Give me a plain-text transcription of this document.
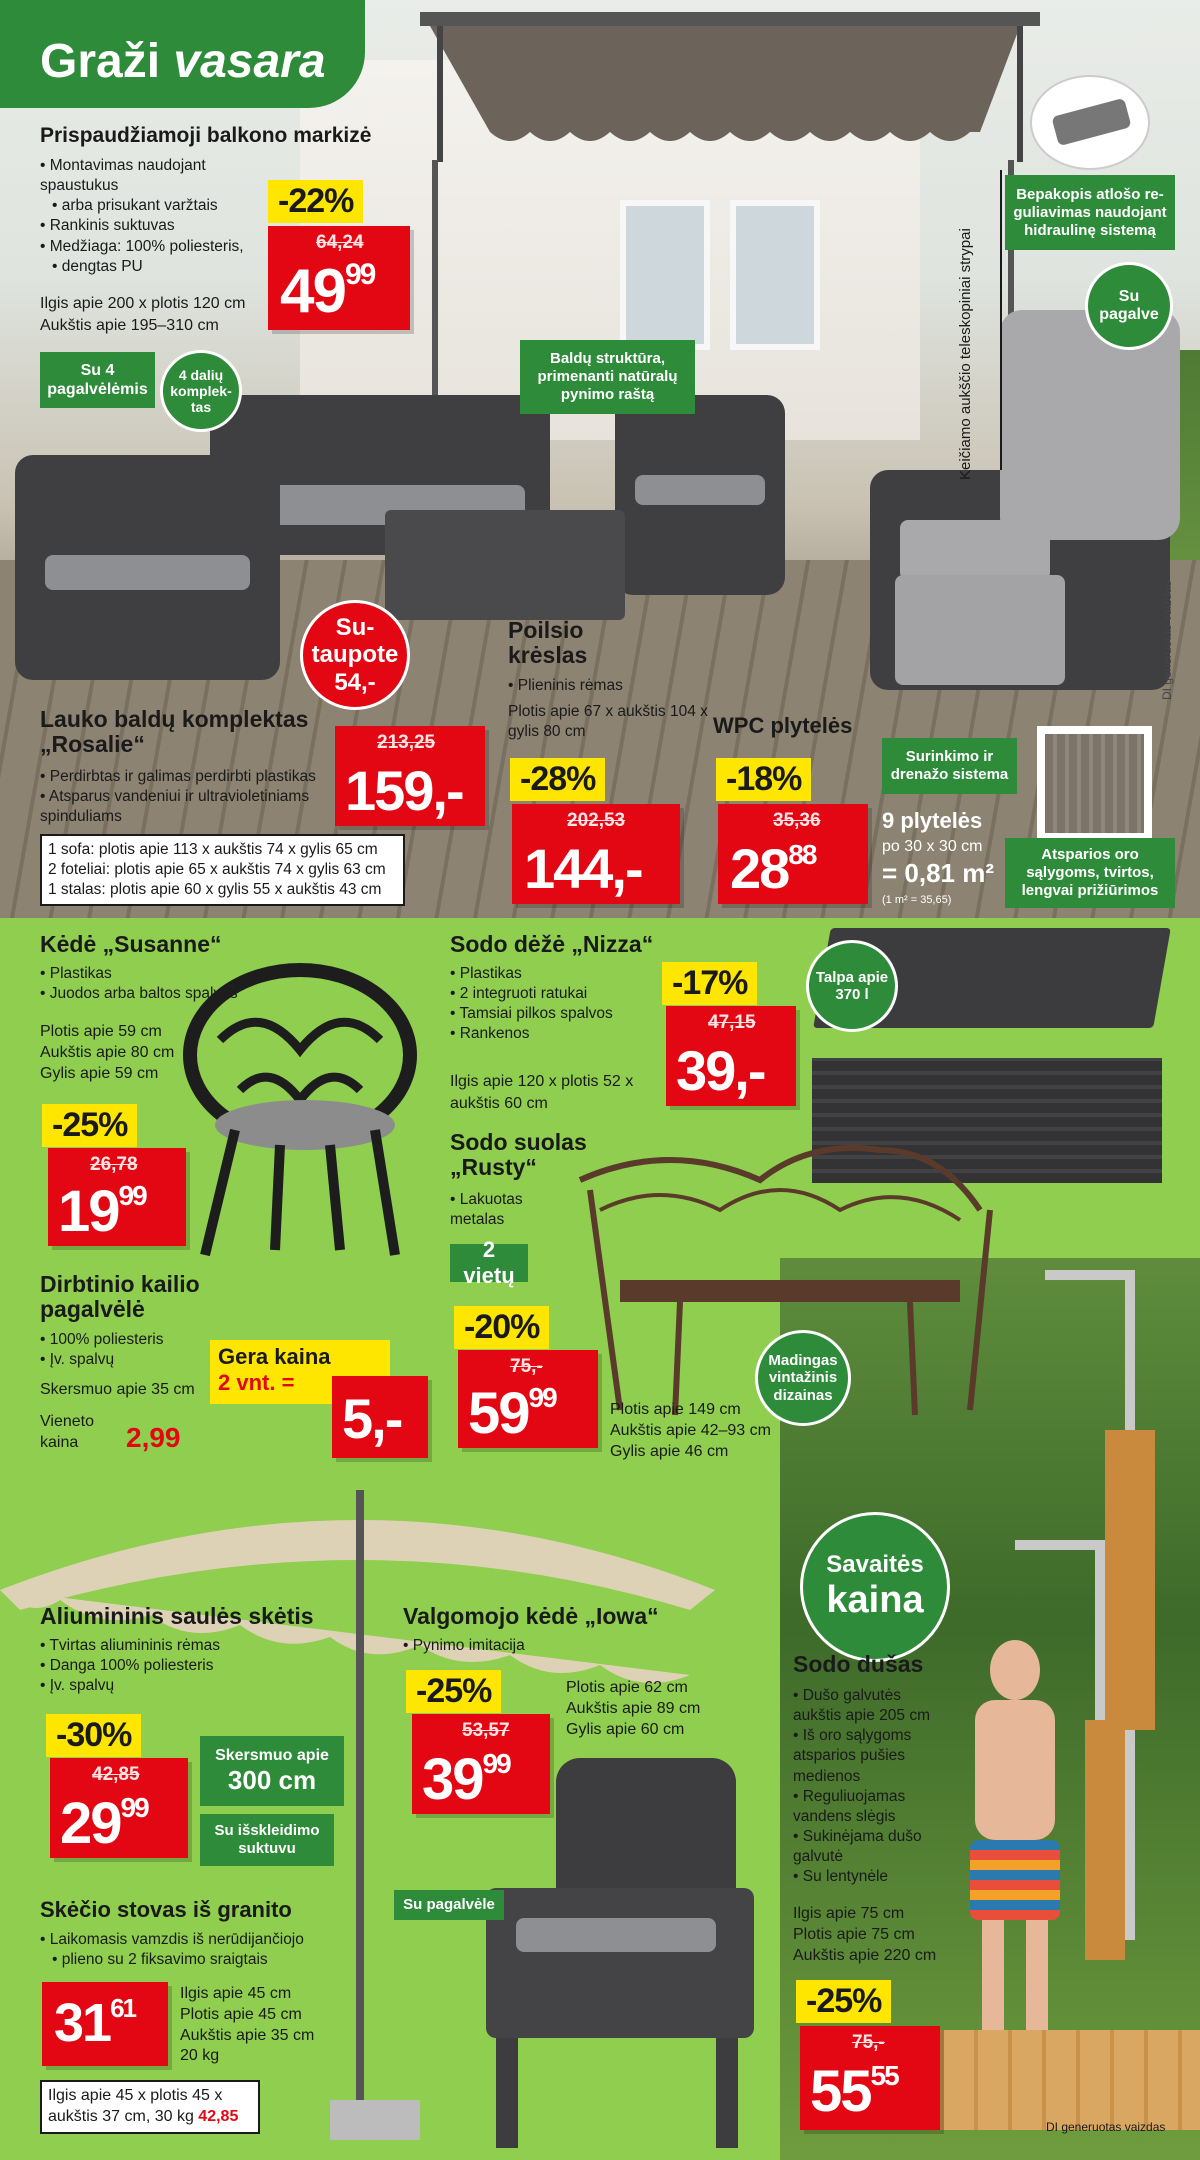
Graži vasara
Prispaudžiamoji balkono markizė
• Montavimas naudojant spaustukus
• arba prisukant varžtais
• Rankinis suktuvas
• Medžiaga: 100% poliesteris,
• dengtas PU
Ilgis apie 200 x plotis 120 cm
Aukštis apie 195–310 cm
-22%
64,24
$49^{99}$
Su 4 pagalvėlėmis
4 dalių komplek-tas
Baldų struktūra, primenanti natūralų pynimo raštą
Su-taupote 54,-
Bepakopis atlošo re-guliavimas naudojant hidraulinę sistemą
Su pagalve
Keičiamo aukščio teleskopiniai strypai
Lauko baldų komplektas „Rosalie“
• Perdirbtas ir galimas perdirbti plastikas
• Atsparus vandeniui ir ultravioletiniams spinduliams
1 sofa: plotis apie 113 x aukštis 74 x gylis 65 cm
2 foteliai: plotis apie 65 x aukštis 74 x gylis 63 cm
1 stalas: plotis apie 60 x gylis 55 x aukštis 43 cm
213,25
159,-
Poilsio krėslas
• Plieninis rėmas
Plotis apie 67 x aukštis 104 x gylis 80 cm
-28%
202,53
144,-
WPC plytelės
-18%
35,36
$28^{88}$
9 plytelės
po 30 x 30 cm
= 0,81 m²
(1 m² = 35,65)
Surinkimo ir drenažo sistema
Atsparios oro sąlygoms, tvirtos, lengvai prižiūrimos
DI generuotas vaizdas
Kėdė „Susanne“
• Plastikas
• Juodos arba baltos spalvos
Plotis apie 59 cm
Aukštis apie 80 cm
Gylis apie 59 cm
-25%
26,78
$19^{99}$
Dirbtinio kailio pagalvėlė
• 100% poliesteris
• Įv. spalvų
Skersmuo apie 35 cm
Vieneto kaina	2,99
Gera kaina
2 vnt. =
5,-
Sodo dėžė „Nizza“
• Plastikas
• 2 integruoti ratukai
• Tamsiai pilkos spalvos
• Rankenos
Ilgis apie 120 x plotis 52 x
aukštis 60 cm
-17%
47,15
39,-
Talpa apie 370 l
Sodo suolas „Rusty“
• Lakuotas metalas
2 vietų
-20%
75,-
$59^{99}$	Plotis apie 149 cm
Aukštis apie 42–93 cm
Gylis apie 46 cm
Madingas vintažinis dizainas
Aliumininis saulės skėtis
• Tvirtas aliumininis rėmas
• Danga 100% poliesteris
• Įv. spalvų
-30%
42,85
$29^{99}$
Skersmuo apie
300 cm
Su išskleidimo suktuvu
Skėčio stovas iš granito
• Laikomasis vamzdis iš nerūdijančiojo
• plieno su 2 fiksavimo sraigtais
$31^{61}$	Ilgis apie 45 cm
Plotis apie 45 cm
Aukštis apie 35 cm
20 kg
Ilgis apie 45 x plotis 45 x
aukštis 37 cm, 30 kg 42,85
Valgomojo kėdė „Iowa“
• Pynimo imitacija
-25%
53,57
$39^{99}$
Plotis apie 62 cm
Aukštis apie 89 cm
Gylis apie 60 cm
Su pagalvėle
Savaitės
kaina
Sodo dušas
• Dušo galvutės aukštis apie 205 cm
• Iš oro sąlygoms atsparios pušies medienos
• Reguliuojamas vandens slėgis
• Sukinėjama dušo galvutė
• Su lentynėle
Ilgis apie 75 cm
Plotis apie 75 cm
Aukštis apie 220 cm
-25%
75,-
$55^{55}$
DI generuotas vaizdas
